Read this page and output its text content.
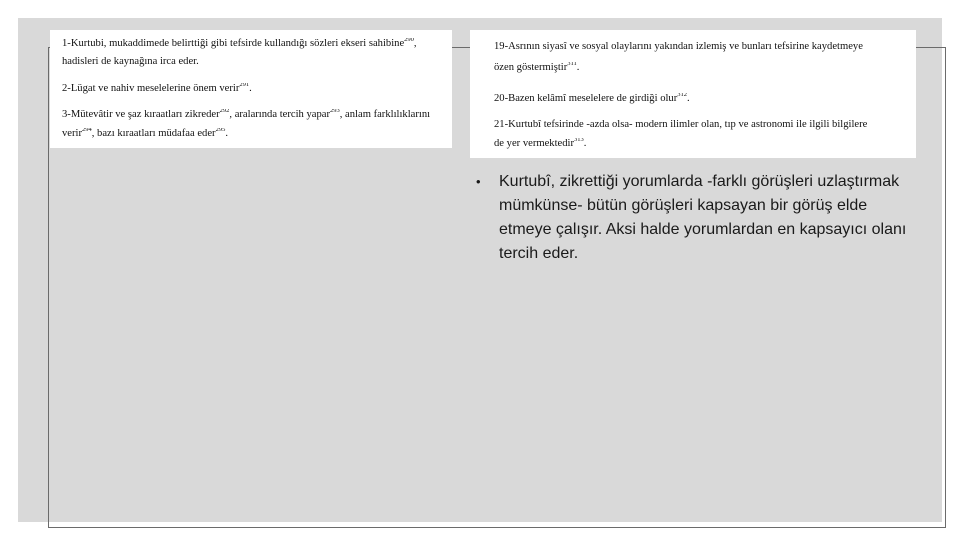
1-Kurtubi, mukaddimede belirttiği gibi tefsirde kullandığı sözleri ekseri sahibine$^{290}$,
hadisleri de kaynağına irca eder.
2-Lügat ve nahiv meselelerine önem verir$^{291}$.
3-Mütevâtir ve şaz kıraatları zikreder$^{292}$, aralarında tercih yapar$^{293}$, anlam farklılıklarını
verir$^{294}$, bazı kıraatları müdafaa eder$^{295}$.
19-Asrının siyasî ve sosyal olaylarını yakından izlemiş ve bunları tefsirine kaydetmeye
özen göstermiştir$^{311}$.
20-Bazen kelâmî meselelere de girdiği olur$^{312}$.
21-Kurtubî tefsirinde -azda olsa- modern ilimler olan, tıp ve astronomi ile ilgili bilgilere
de yer vermektedir$^{313}$.
•	Kurtubî, zikrettiği yorumlarda -farklı görüşleri uzlaştırmak mümkünse- bütün görüşleri kapsayan bir görüş elde etmeye çalışır. Aksi halde yorumlardan en kapsayıcı olanı tercih eder.
